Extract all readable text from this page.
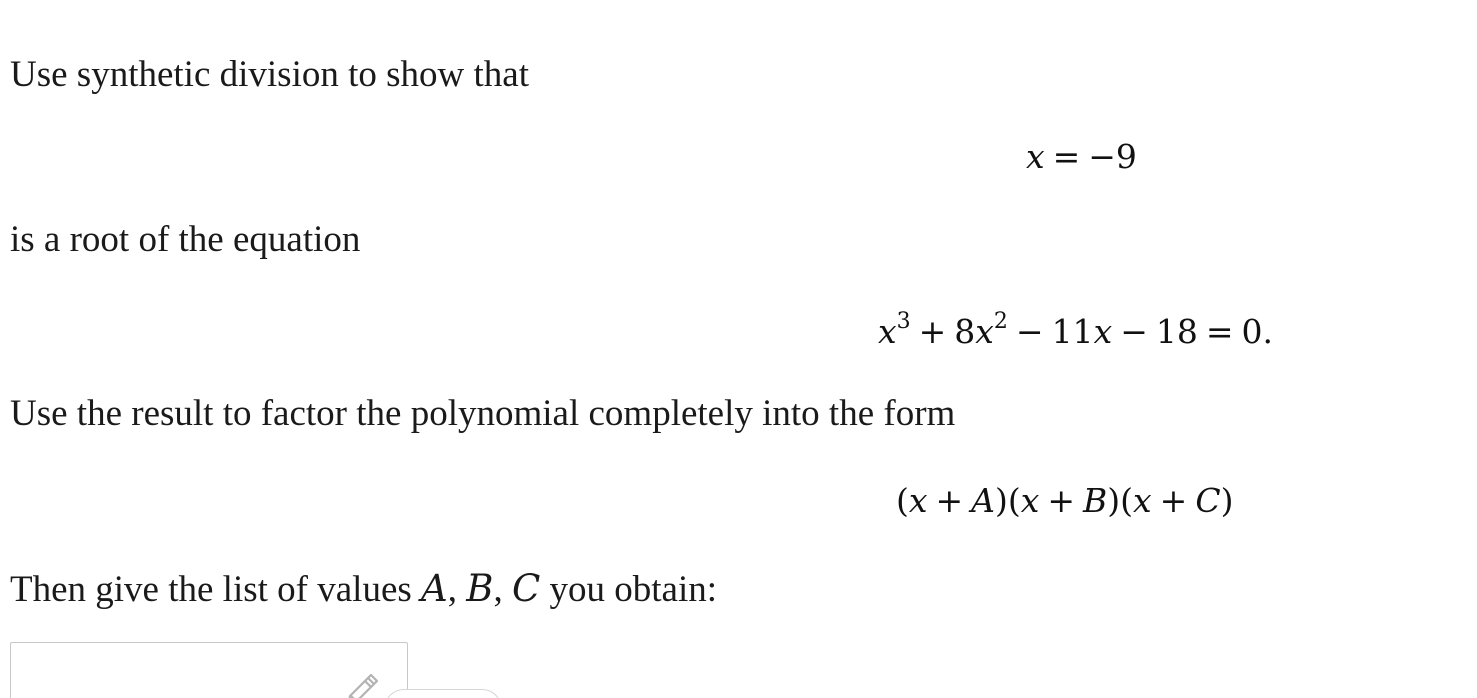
Use synthetic division to show that

x = −9

is a root of the equation

$x^3 + 8x^2 - 11x - 18 = 0$.

Use the result to factor the polynomial completely into the form

(x + A)(x + B)(x + C)

Then give the list of values A, B, C you obtain:
